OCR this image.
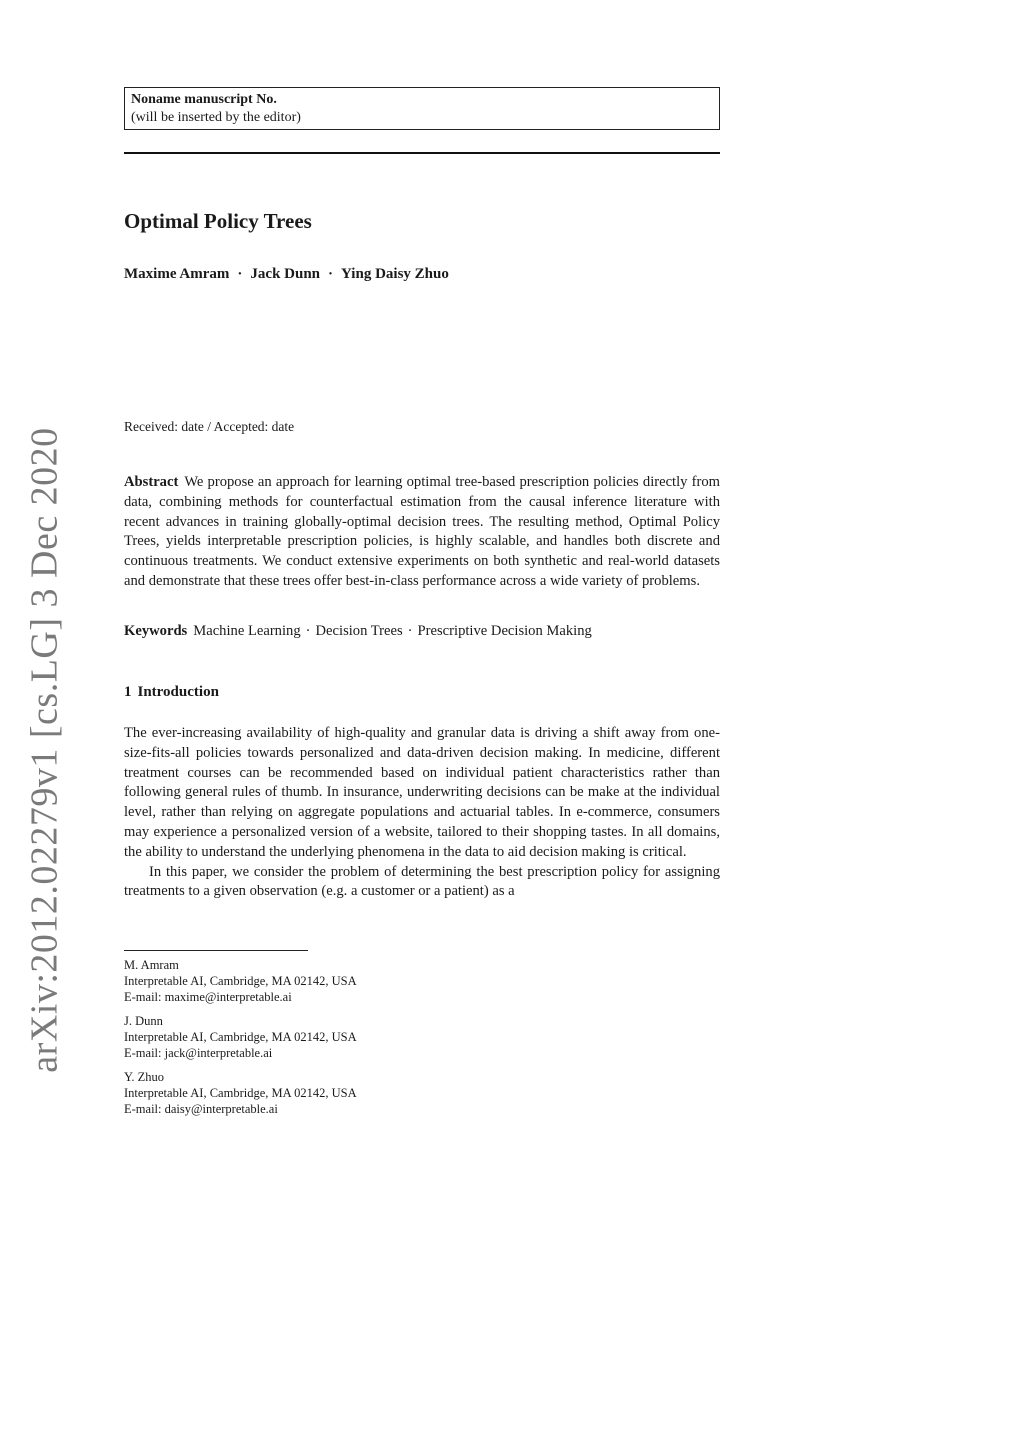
arXiv:2012.02279v1 [cs.LG] 3 Dec 2020
Noname manuscript No.
(will be inserted by the editor)
Optimal Policy Trees
Maxime Amram · Jack Dunn · Ying Daisy Zhuo
Received: date / Accepted: date
Abstract We propose an approach for learning optimal tree-based prescription policies directly from data, combining methods for counterfactual estimation from the causal inference literature with recent advances in training globally-optimal decision trees. The resulting method, Optimal Policy Trees, yields interpretable prescription policies, is highly scalable, and handles both discrete and continuous treatments. We conduct extensive experiments on both synthetic and real-world datasets and demonstrate that these trees offer best-in-class performance across a wide variety of problems.
Keywords Machine Learning · Decision Trees · Prescriptive Decision Making
1 Introduction

The ever-increasing availability of high-quality and granular data is driving a shift away from one-size-fits-all policies towards personalized and data-driven decision making. In medicine, different treatment courses can be recommended based on individual patient characteristics rather than following general rules of thumb. In insurance, underwriting decisions can be make at the individual level, rather than relying on aggregate populations and actuarial tables. In e-commerce, consumers may experience a personalized version of a website, tailored to their shopping tastes. In all domains, the ability to understand the underlying phenomena in the data to aid decision making is critical.

In this paper, we consider the problem of determining the best prescription policy for assigning treatments to a given observation (e.g. a customer or a patient) as a

M. Amram
Interpretable AI, Cambridge, MA 02142, USA
E-mail: maxime@interpretable.ai
J. Dunn
Interpretable AI, Cambridge, MA 02142, USA
E-mail: jack@interpretable.ai
Y. Zhuo
Interpretable AI, Cambridge, MA 02142, USA
E-mail: daisy@interpretable.ai
